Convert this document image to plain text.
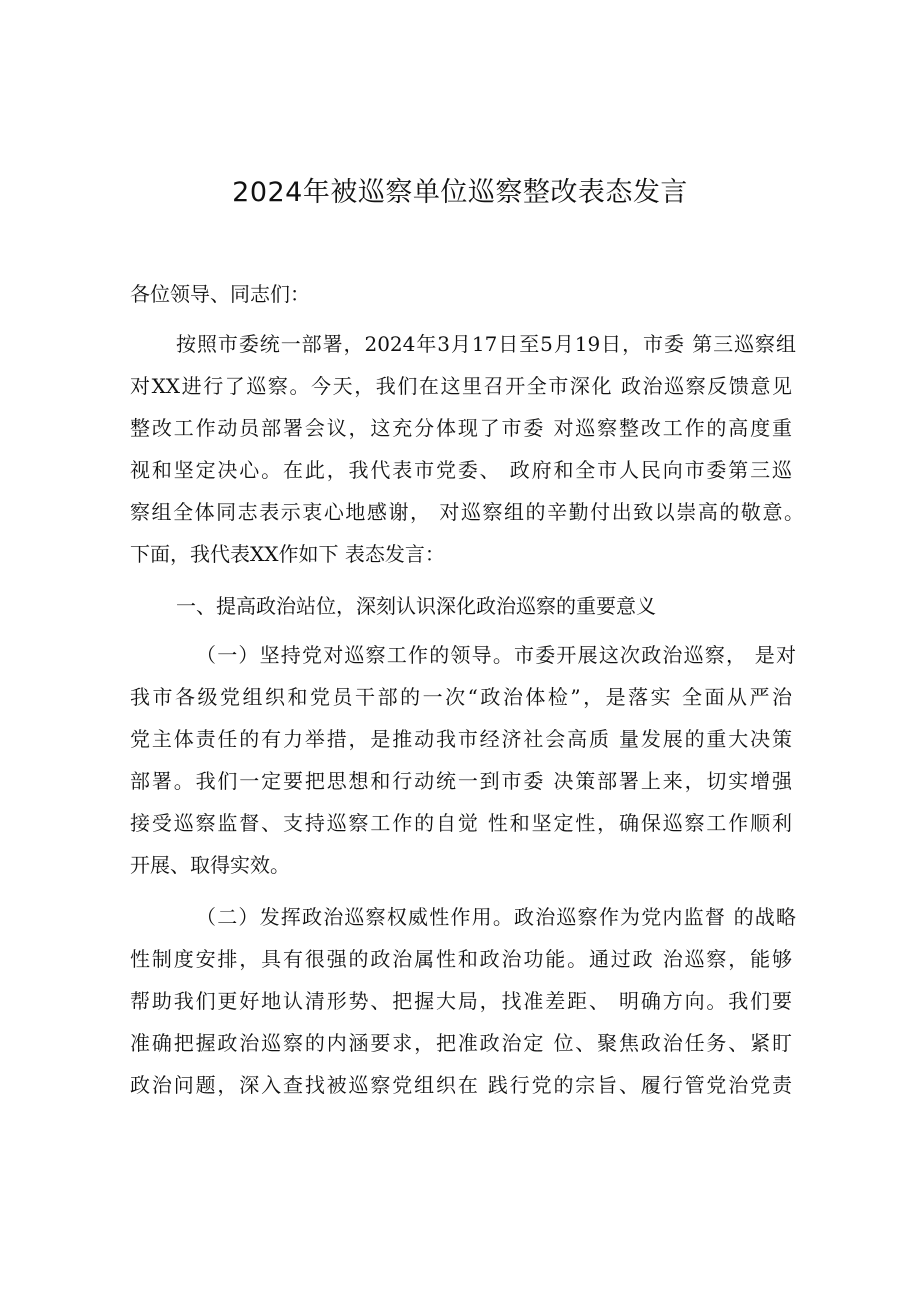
2024年被巡察单位巡察整改表态发言
各位领导、同志们：
按照市委统一部署，2024年3月17日至5月19日，市委 第三巡察组
对XX进行了巡察。今天，我们在这里召开全市深化 政治巡察反馈意见
整改工作动员部署会议，这充分体现了市委 对巡察整改工作的高度重
视和坚定决心。在此，我代表市党委、 政府和全市人民向市委第三巡
察组全体同志表示衷心地感谢， 对巡察组的辛勤付出致以崇高的敬意。
下面，我代表XX作如下 表态发言：
一、提高政治站位，深刻认识深化政治巡察的重要意义
（一）坚持党对巡察工作的领导。市委开展这次政治巡察， 是对
我市各级党组织和党员干部的一次“政治体检”，是落实 全面从严治
党主体责任的有力举措，是推动我市经济社会高质 量发展的重大决策
部署。我们一定要把思想和行动统一到市委 决策部署上来，切实增强
接受巡察监督、支持巡察工作的自觉 性和坚定性，确保巡察工作顺利
开展、取得实效。
（二）发挥政治巡察权威性作用。政治巡察作为党内监督 的战略
性制度安排，具有很强的政治属性和政治功能。通过政 治巡察，能够
帮助我们更好地认清形势、把握大局，找准差距、 明确方向。我们要
准确把握政治巡察的内涵要求，把准政治定 位、聚焦政治任务、紧盯
政治问题，深入查找被巡察党组织在 践行党的宗旨、履行管党治党责
